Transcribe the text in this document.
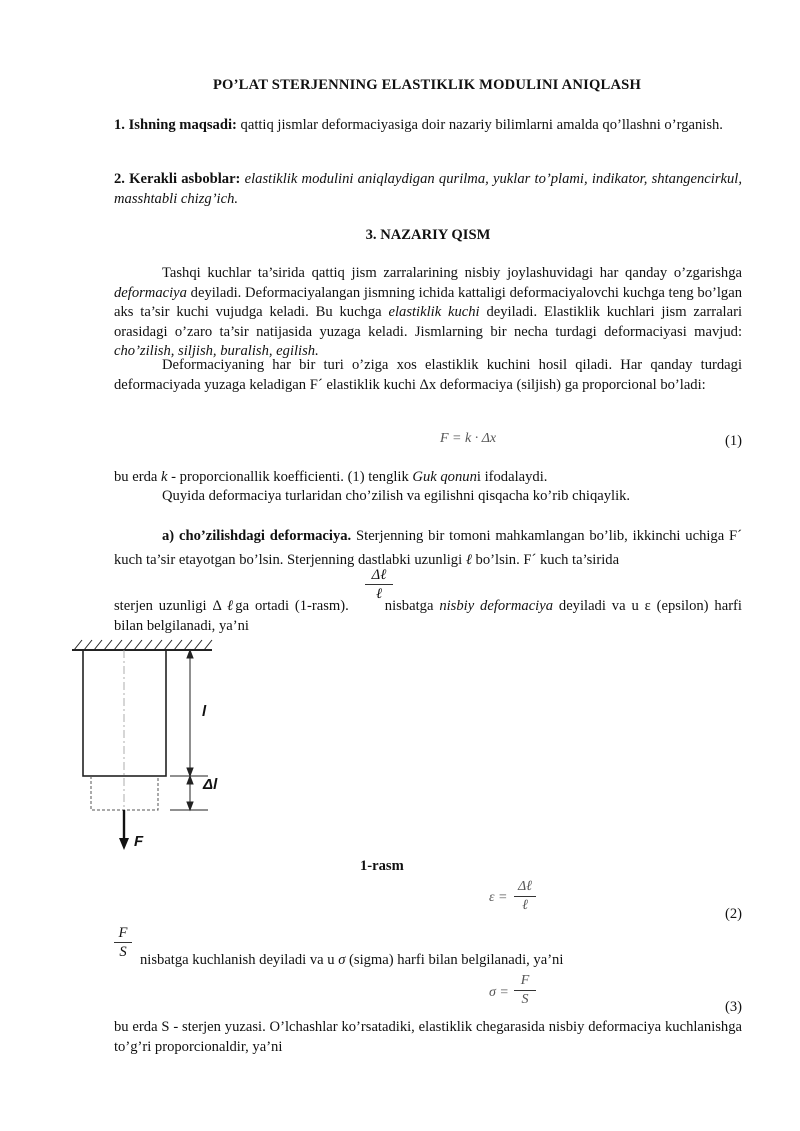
PO’LAT STERJENNING ELASTIKLIK MODULINI ANIQLASH
1. Ishning maqsadi: qattiq jismlar deformaciyasiga doir nazariy bilimlarni amalda qo’llashni o’rganish.
2. Kerakli asboblar: elastiklik modulini aniqlaydigan qurilma, yuklar to’plami, indikator, shtangencirkul, masshtabli chizg’ich.
3. NAZARIY QISM
Tashqi kuchlar ta’sirida qattiq jism zarralarining nisbiy joylashuvidagi har qanday o’zgarishga deformaciya deyiladi. Deformaciyalangan jismning ichida kattaligi deformaciyalovchi kuchga teng bo’lgan aks ta’sir kuchi vujudga keladi. Bu kuchga elastiklik kuchi deyiladi. Elastiklik kuchlari jism zarralari orasidagi o’zaro ta’sir natijasida yuzaga keladi. Jismlarning bir necha turdagi deformaciyasi mavjud: cho’zilish, siljish, buralish, egilish.
Deformaciyaning har bir turi o’ziga xos elastiklik kuchini hosil qiladi. Har qanday turdagi deformaciyada yuzaga keladigan F´ elastiklik kuchi Δx deformaciya (siljish) ga proporcional bo’ladi:
F = k · Δx	(1)
bu erda k - proporcionallik koefficienti. (1) tenglik Guk qonuni ifodalaydi.
Quyida deformaciya turlaridan cho’zilish va egilishni qisqacha ko’rib chiqaylik.
a) cho’zilishdagi deformaciya. Sterjenning bir tomoni mahkamlangan bo’lib, ikkinchi uchiga F´ kuch ta’sir etayotgan bo’lsin. Sterjenning dastlabki uzunligi ℓ bo’lsin. F´ kuch ta’sirida
Δℓ
ℓ
sterjen uzunligi Δ ℓga ortadi (1-rasm). nisbatga nisbiy deformaciya deyiladi va u ε (epsilon) harfi bilan belgilanadi, ya’ni
l
Δl
F
1-rasm
ε =
Δℓ
ℓ
(2)
$\frac{F}{S}$ nisbatga kuchlanish deyiladi va u σ (sigma) harfi bilan belgilanadi, ya’ni
$\sigma = \frac{F}{S}$	(3)
bu erda S - sterjen yuzasi. O’lchashlar ko’rsatadiki, elastiklik chegarasida nisbiy deformaciya kuchlanishga to’g’ri proporcionaldir, ya’ni
